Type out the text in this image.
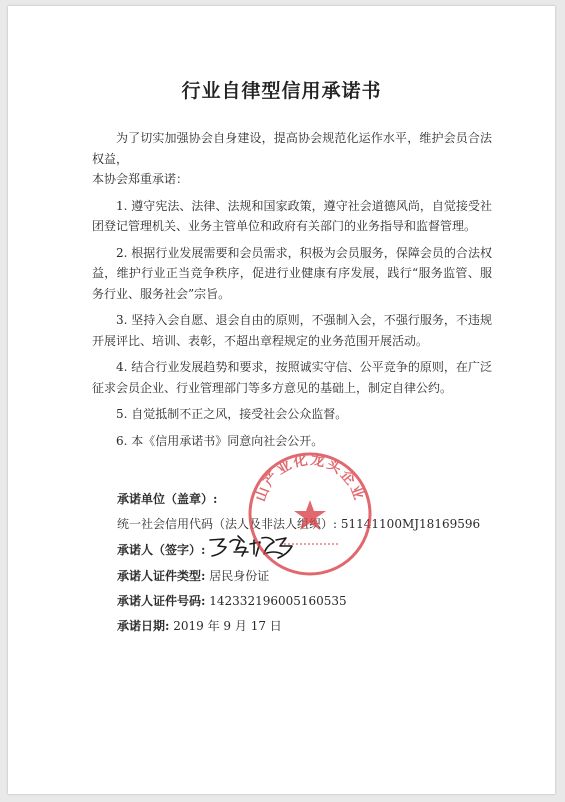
行业自律型信用承诺书

为了切实加强协会自身建设，提高协会规范化运作水平，维护会员合法权益，

本协会郑重承诺：

1. 遵守宪法、法律、法规和国家政策，遵守社会道德风尚，自觉接受社团登记管理机关、业务主管单位和政府有关部门的业务指导和监督管理。

2. 根据行业发展需要和会员需求，积极为会员服务，保障会员的合法权益，维护行业正当竞争秩序，促进行业健康有序发展，践行“服务监管、服务行业、服务社会”宗旨。

3. 坚持入会自愿、退会自由的原则，不强制入会，不强行服务，不违规开展评比、培训、表彰，不超出章程规定的业务范围开展活动。

4. 结合行业发展趋势和要求，按照诚实守信、公平竞争的原则，在广泛征求会员企业、行业管理部门等多方意见的基础上，制定自律公约。

5. 自觉抵制不正之风，接受社会公众监督。

6. 本《信用承诺书》同意向社会公开。

承诺单位（盖章）:
统一社会信用代码（法人及非法人组织）: 51141100MJ18169596
承诺人（签字）:
承诺人证件类型: 居民身份证
承诺人证件号码: 142332196005160535
承诺日期: 2019 年 9 月 17 日
山产业化龙头企业
